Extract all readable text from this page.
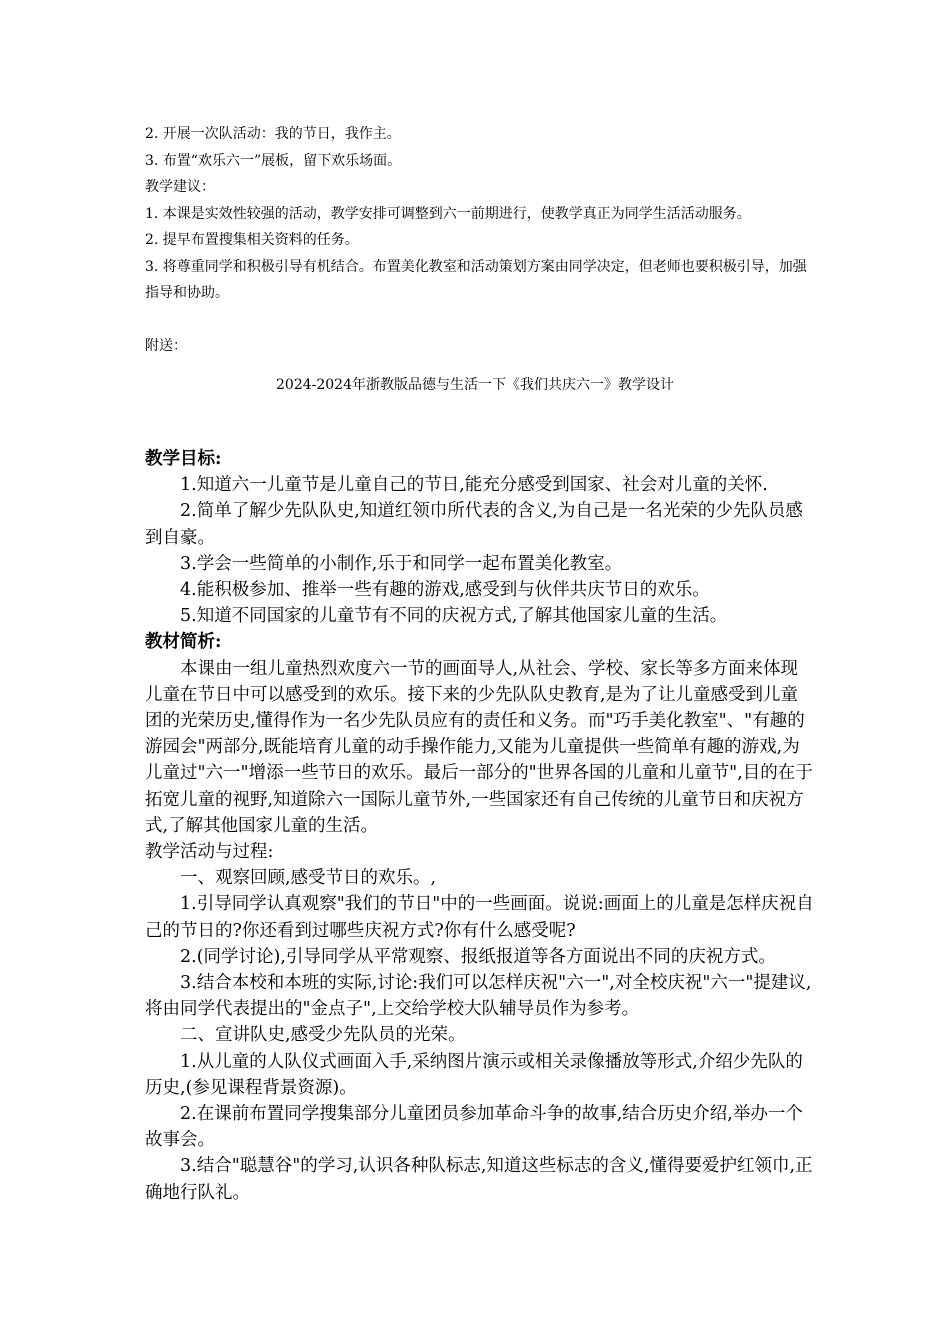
2. 开展一次队活动：我的节日，我作主。

3. 布置“欢乐六一”展板，留下欢乐场面。

教学建议：

1. 本课是实效性较强的活动，教学安排可调整到六一前期进行，使教学真正为同学生活活动服务。

2. 提早布置搜集相关资料的任务。

3. 将尊重同学和积极引导有机结合。布置美化教室和活动策划方案由同学决定，但老师也要积极引导，加强指导和协助。

附送：

2024-2024年浙教版品德与生活一下《我们共庆六一》教学设计

教学目标:

1.知道六一儿童节是儿童自己的节日,能充分感受到国家、社会对儿童的关怀.

2.简单了解少先队队史,知道红领巾所代表的含义,为自己是一名光荣的少先队员感到自豪。

3.学会一些简单的小制作,乐于和同学一起布置美化教室。

4.能积极参加、推举一些有趣的游戏,感受到与伙伴共庆节日的欢乐。

5.知道不同国家的儿童节有不同的庆祝方式,了解其他国家儿童的生活。

教材简析:

本课由一组儿童热烈欢度六一节的画面导人,从社会、学校、家长等多方面来体现儿童在节日中可以感受到的欢乐。接下来的少先队队史教育,是为了让儿童感受到儿童团的光荣历史,懂得作为一名少先队员应有的责任和义务。而"巧手美化教室"、"有趣的游园会"两部分,既能培育儿童的动手操作能力,又能为儿童提供一些简单有趣的游戏,为儿童过"六一"增添一些节日的欢乐。最后一部分的"世界各国的儿童和儿童节",目的在于拓宽儿童的视野,知道除六一国际儿童节外,一些国家还有自己传统的儿童节日和庆祝方式,了解其他国家儿童的生活。

教学活动与过程:

一、观察回顾,感受节日的欢乐。,

1.引导同学认真观察"我们的节日"中的一些画面。说说:画面上的儿童是怎样庆祝自己的节日的?你还看到过哪些庆祝方式?你有什么感受呢?

2.(同学讨论),引导同学从平常观察、报纸报道等各方面说出不同的庆祝方式。

3.结合本校和本班的实际,讨论:我们可以怎样庆祝"六一",对全校庆祝"六一"提建议,将由同学代表提出的"金点子",上交给学校大队辅导员作为参考。

二、宣讲队史,感受少先队员的光荣。

1.从儿童的人队仪式画面入手,采纳图片演示或相关录像播放等形式,介绍少先队的历史,(参见课程背景资源)。

2.在课前布置同学搜集部分儿童团员参加革命斗争的故事,结合历史介绍,举办一个故事会。

3.结合"聪慧谷"的学习,认识各种队标志,知道这些标志的含义,懂得要爱护红领巾,正确地行队礼。
